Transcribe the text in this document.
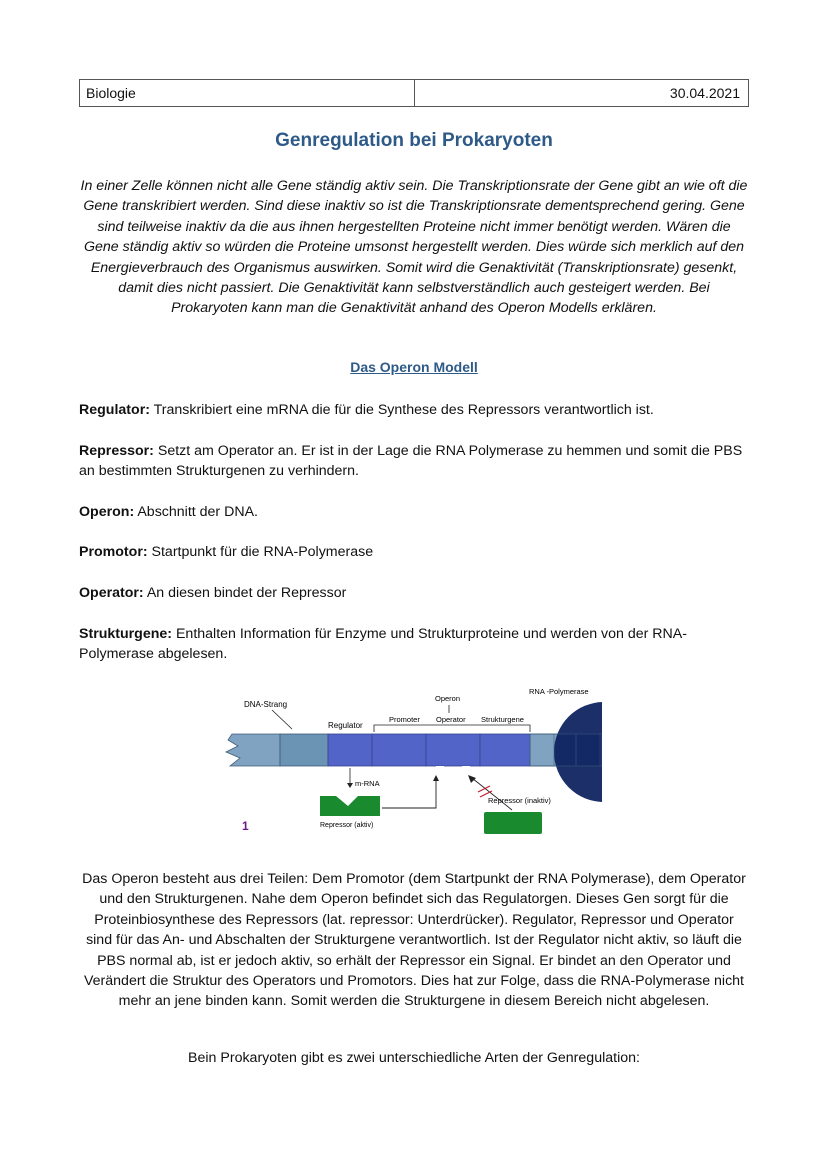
Biologie	30.04.2021
Genregulation bei Prokaryoten
In einer Zelle können nicht alle Gene ständig aktiv sein. Die Transkriptionsrate der Gene gibt an wie oft die Gene transkribiert werden. Sind diese inaktiv so ist die Transkriptionsrate dementsprechend gering. Gene sind teilweise inaktiv da die aus ihnen hergestellten Proteine nicht immer benötigt werden. Wären die Gene ständig aktiv so würden die Proteine umsonst hergestellt werden. Dies würde sich merklich auf den Energieverbrauch des Organismus auswirken. Somit wird die Genaktivität (Transkriptionsrate) gesenkt, damit dies nicht passiert. Die Genaktivität kann selbstverständlich auch gesteigert werden. Bei Prokaryoten kann man die Genaktivität anhand des Operon Modells erklären.
Das Operon Modell
Regulator: Transkribiert eine mRNA die für die Synthese des Repressors verantwortlich ist.
Repressor: Setzt am Operator an. Er ist in der Lage die RNA Polymerase zu hemmen und somit die PBS an bestimmten Strukturgenen zu verhindern.
Operon: Abschnitt der DNA.
Promotor: Startpunkt für die RNA-Polymerase
Operator: An diesen bindet der Repressor
Strukturgene: Enthalten Information für Enzyme und Strukturproteine und werden von der RNA-Polymerase abgelesen.
DNA-Strang
Regulator
Operon
Promoter Operator Strukturgene
RNA -Polymerase
m-RNA
Repressor (aktiv)
Repressor (inaktiv)
1
Das Operon besteht aus drei Teilen: Dem Promotor (dem Startpunkt der RNA Polymerase), dem Operator und den Strukturgenen. Nahe dem Operon befindet sich das Regulatorgen. Dieses Gen sorgt für die Proteinbiosynthese des Repressors (lat. repressor: Unterdrücker). Regulator, Repressor und Operator sind für das An- und Abschalten der Strukturgene verantwortlich. Ist der Regulator nicht aktiv, so läuft die PBS normal ab, ist er jedoch aktiv, so erhält der Repressor ein Signal. Er bindet an den Operator und Verändert die Struktur des Operators und Promotors. Dies hat zur Folge, dass die RNA-Polymerase nicht mehr an jene binden kann. Somit werden die Strukturgene in diesem Bereich nicht abgelesen.
Bein Prokaryoten gibt es zwei unterschiedliche Arten der Genregulation:
